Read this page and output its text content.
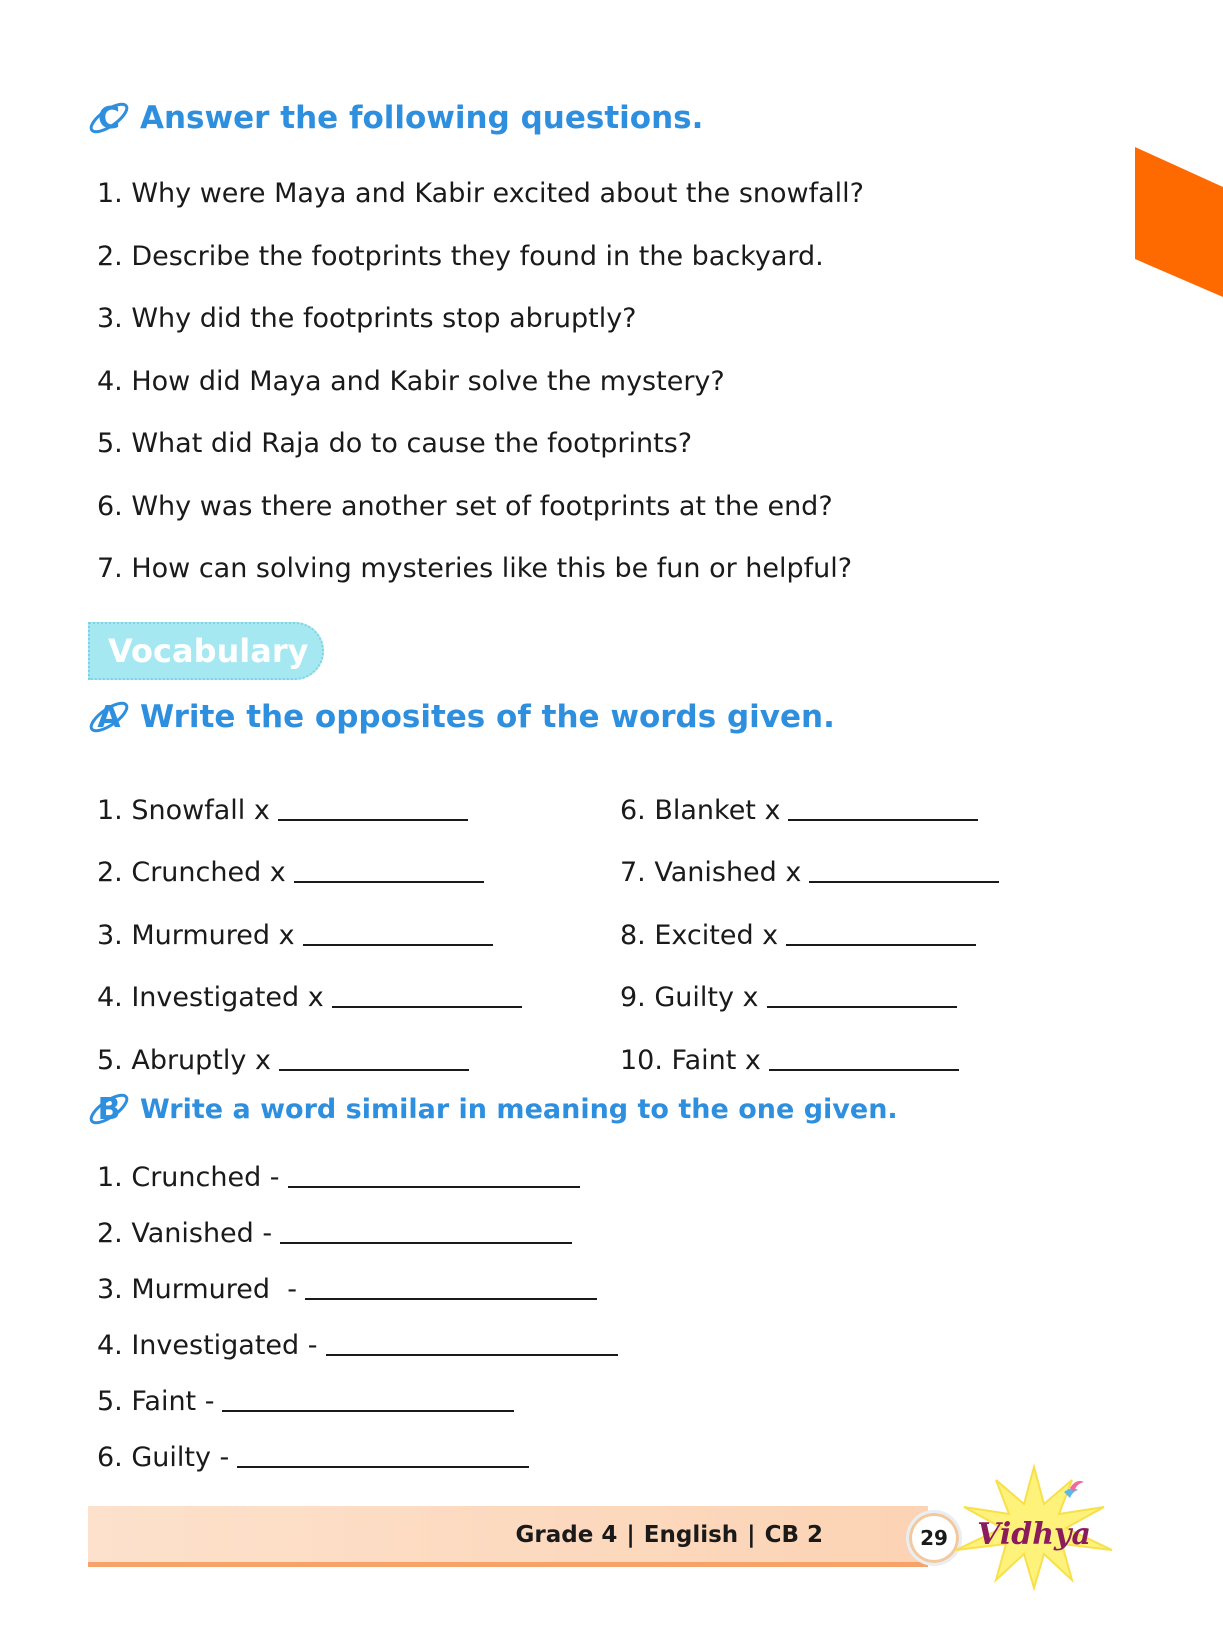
C Answer the following questions.
1. Why were Maya and Kabir excited about the snowfall?
2. Describe the footprints they found in the backyard.
3. Why did the footprints stop abruptly?
4. How did Maya and Kabir solve the mystery?
5. What did Raja do to cause the footprints?
6. Why was there another set of footprints at the end?
7. How can solving mysteries like this be fun or helpful?
Vocabulary
A Write the opposites of the words given.
1. Snowfall x
2. Crunched x
3. Murmured x
4. Investigated x
5. Abruptly x
6. Blanket x
7. Vanished x
8. Excited x
9. Guilty x
10. Faint x
B Write a word similar in meaning to the one given.
1. Crunched -
2. Vanished -
3. Murmured  -
4. Investigated -
5. Faint -
6. Guilty -
Grade 4 | English | CB 2	29 Vidhya
